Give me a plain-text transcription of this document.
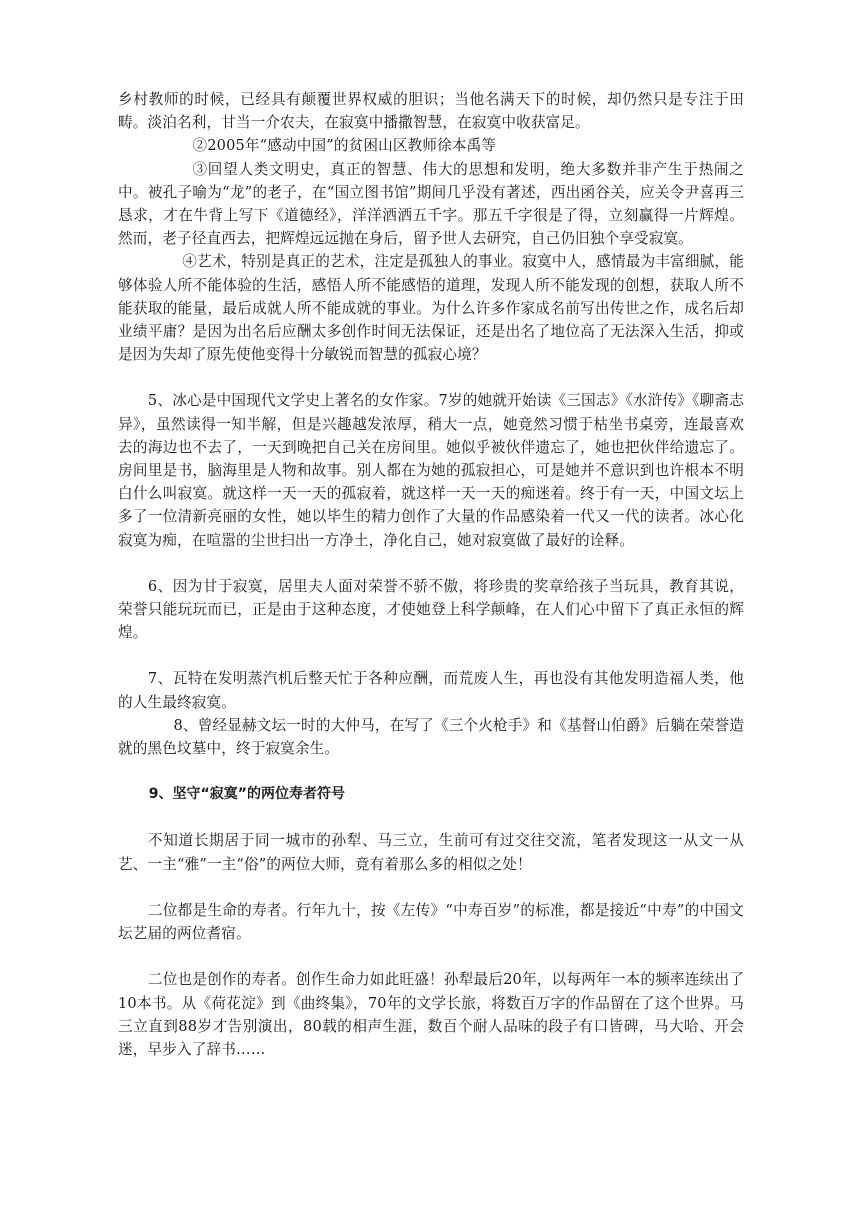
乡村教师的时候，已经具有颠覆世界权威的胆识；当他名满天下的时候，却仍然只是专注于田畴。淡泊名利，甘当一介农夫，在寂寞中播撒智慧，在寂寞中收获富足。

②2005年“感动中国”的贫困山区教师徐本禹等

③回望人类文明史，真正的智慧、伟大的思想和发明，绝大多数并非产生于热闹之中。被孔子喻为“龙”的老子，在“国立图书馆”期间几乎没有著述，西出函谷关，应关令尹喜再三恳求，才在牛背上写下《道德经》，洋洋洒洒五千字。那五千字很是了得，立刻赢得一片辉煌。然而，老子径直西去，把辉煌远远抛在身后，留予世人去研究，自己仍旧独个享受寂寞。

④艺术，特别是真正的艺术，注定是孤独人的事业。寂寞中人，感情最为丰富细腻，能够体验人所不能体验的生活，感悟人所不能感悟的道理，发现人所不能发现的创想，获取人所不能获取的能量，最后成就人所不能成就的事业。为什么许多作家成名前写出传世之作，成名后却业绩平庸？是因为出名后应酬太多创作时间无法保证，还是出名了地位高了无法深入生活，抑或是因为失却了原先使他变得十分敏锐而智慧的孤寂心境？

5、冰心是中国现代文学史上著名的女作家。7岁的她就开始读《三国志》《水浒传》《聊斋志异》，虽然读得一知半解，但是兴趣越发浓厚，稍大一点，她竟然习惯于枯坐书桌旁，连最喜欢去的海边也不去了，一天到晚把自己关在房间里。她似乎被伙伴遗忘了，她也把伙伴给遗忘了。房间里是书，脑海里是人物和故事。别人都在为她的孤寂担心，可是她并不意识到也许根本不明白什么叫寂寞。就这样一天一天的孤寂着，就这样一天一天的痴迷着。终于有一天，中国文坛上多了一位清新亮丽的女性，她以毕生的精力创作了大量的作品感染着一代又一代的读者。冰心化寂寞为痴，在喧嚣的尘世扫出一方净土，净化自己，她对寂寞做了最好的诠释。

6、因为甘于寂寞，居里夫人面对荣誉不骄不傲，将珍贵的奖章给孩子当玩具，教育其说，荣誉只能玩玩而已，正是由于这种态度，才使她登上科学颠峰，在人们心中留下了真正永恒的辉煌。

7、瓦特在发明蒸汽机后整天忙于各种应酬，而荒废人生，再也没有其他发明造福人类，他的人生最终寂寞。

8、曾经显赫文坛一时的大仲马，在写了《三个火枪手》和《基督山伯爵》后躺在荣誉造就的黑色坟墓中，终于寂寞余生。

9、坚守“寂寞”的两位寿者符号

不知道长期居于同一城市的孙犁、马三立，生前可有过交往交流，笔者发现这一从文一从艺、一主“雅”一主“俗”的两位大师，竟有着那么多的相似之处！

二位都是生命的寿者。行年九十，按《左传》“中寿百岁”的标准，都是接近“中寿”的中国文坛艺届的两位耆宿。

二位也是创作的寿者。创作生命力如此旺盛！孙犁最后20年，以每两年一本的频率连续出了10本书。从《荷花淀》到《曲终集》，70年的文学长旅，将数百万字的作品留在了这个世界。马三立直到88岁才告别演出，80载的相声生涯，数百个耐人品味的段子有口皆碑，马大哈、开会迷，早步入了辞书……
